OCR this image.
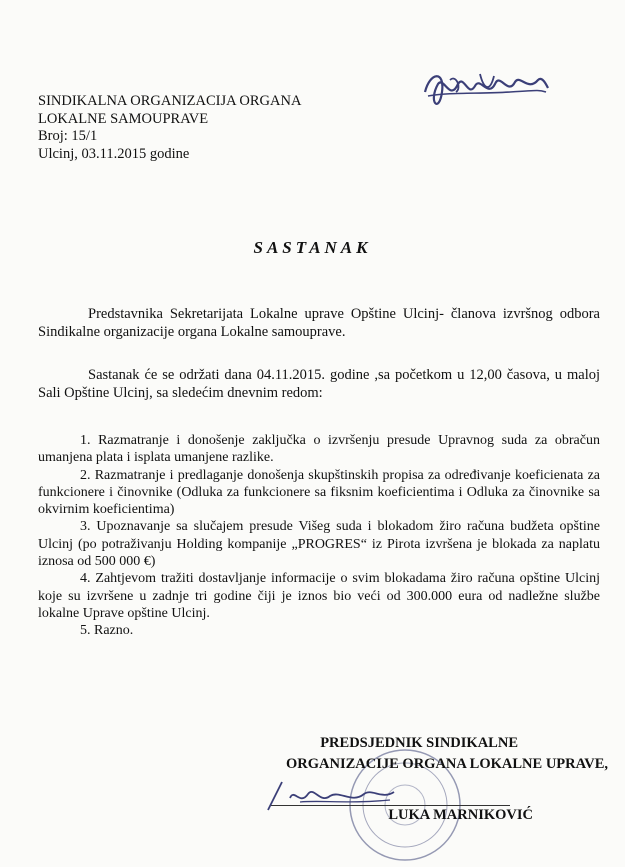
SINDIKALNA ORGANIZACIJA ORGANA
LOKALNE SAMOUPRAVE
Broj: 15/1
Ulcinj, 03.11.2015 godine
SASTANAK
Predstavnika Sekretarijata Lokalne uprave Opštine Ulcinj- članova izvršnog odbora Sindikalne organizacije organa Lokalne samouprave.
Sastanak će se održati dana 04.11.2015. godine ,sa početkom u 12,00 časova, u maloj Sali Opštine Ulcinj, sa sledećim dnevnim redom:
1. Razmatranje i donošenje zaključka o izvršenju presude Upravnog suda za obračun umanjena plata i isplata umanjene razlike.
2. Razmatranje i predlaganje donošenja skupštinskih propisa za određivanje koeficienata za funkcionere i činovnike (Odluka za funkcionere sa fiksnim koeficientima i Odluka za činovnike sa okvirnim koeficientima)
3. Upoznavanje sa slučajem presude Višeg suda i blokadom žiro računa budžeta opštine Ulcinj (po potraživanju Holding kompanije „PROGRES“ iz Pirota izvršena je blokada za naplatu iznosa od 500 000 €)
4. Zahtjevom tražiti dostavljanje informacije o svim blokadama žiro računa opštine Ulcinj koje su izvršene u zadnje tri godine čiji je iznos bio veći od 300.000 eura od nadležne službe lokalne Uprave opštine Ulcinj.
5. Razno.
PREDSJEDNIK SINDIKALNE
ORGANIZACIJE ORGANA LOKALNE UPRAVE,
LUKA MARNIKOVIĆ
